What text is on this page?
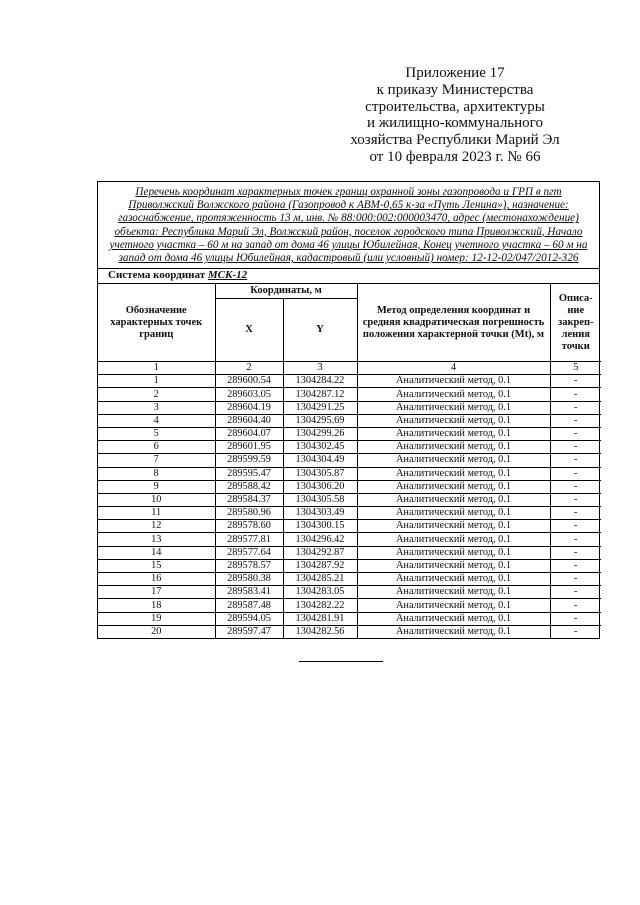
Приложение 17
к приказу Министерства
строительства, архитектуры
и жилищно-коммунального
хозяйства Республики Марий Эл
от 10 февраля 2023 г. № 66
Перечень координат характерных точек границ охранной зоны газопровода и ГРП в пгт Приволжский Волжского района (Газопровод к АВМ-0,65 к-за «Путь Ленина»), назначение: газоснабжение, протяженность 13 м, инв. № 88:000:002:000003470, адрес (местонахождение) объекта: Республика Марий Эл, Волжский район, поселок городского типа Приволжский, Начало учетного участка – 60 м на запад от дома 46 улицы Юбилейная, Конец учетного участка – 60 м на запад от дома 46 улицы Юбилейная, кадастровый (или условный) номер: 12-12-02/047/2012-326
Система координат МСК-12
Обозначение характерных точек границ	Координаты, м		Метод определения координат и средняя квадратическая погрешность положения характерной точки (Mt), м	Описа-ние закреп-ления точки
	X	Y		
1	2	3	4	5
1	289600.54	1304284.22	Аналитический метод, 0.1	-
2	289603.05	1304287.12	Аналитический метод, 0.1	-
3	289604.19	1304291.25	Аналитический метод, 0.1	-
4	289604.40	1304295.69	Аналитический метод, 0.1	-
5	289604.07	1304299.26	Аналитический метод, 0.1	-
6	289601.95	1304302.45	Аналитический метод, 0.1	-
7	289599.59	1304304.49	Аналитический метод, 0.1	-
8	289595.47	1304305.87	Аналитический метод, 0.1	-
9	289588.42	1304306.20	Аналитический метод, 0.1	-
10	289584.37	1304305.58	Аналитический метод, 0.1	-
11	289580.96	1304303.49	Аналитический метод, 0.1	-
12	289578.60	1304300.15	Аналитический метод, 0.1	-
13	289577.81	1304296.42	Аналитический метод, 0.1	-
14	289577.64	1304292.87	Аналитический метод, 0.1	-
15	289578.57	1304287.92	Аналитический метод, 0.1	-
16	289580.38	1304285.21	Аналитический метод, 0.1	-
17	289583.41	1304283.05	Аналитический метод, 0.1	-
18	289587.48	1304282.22	Аналитический метод, 0.1	-
19	289594.05	1304281.91	Аналитический метод, 0.1	-
20	289597.47	1304282.56	Аналитический метод, 0.1	-
